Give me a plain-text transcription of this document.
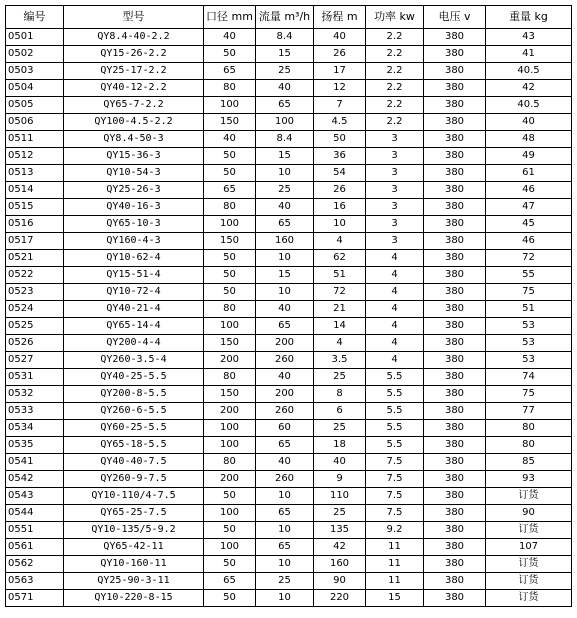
编号	型号	口径 mm	流量 m³/h	扬程 m	功率 kw	电压 v	重量 kg
0501	QY8.4-40-2.2	40	8.4	40	2.2	380	43
0502	QY15-26-2.2	50	15	26	2.2	380	41
0503	QY25-17-2.2	65	25	17	2.2	380	40.5
0504	QY40-12-2.2	80	40	12	2.2	380	42
0505	QY65-7-2.2	100	65	7	2.2	380	40.5
0506	QY100-4.5-2.2	150	100	4.5	2.2	380	40
0511	QY8.4-50-3	40	8.4	50	3	380	48
0512	QY15-36-3	50	15	36	3	380	49
0513	QY10-54-3	50	10	54	3	380	61
0514	QY25-26-3	65	25	26	3	380	46
0515	QY40-16-3	80	40	16	3	380	47
0516	QY65-10-3	100	65	10	3	380	45
0517	QY160-4-3	150	160	4	3	380	46
0521	QY10-62-4	50	10	62	4	380	72
0522	QY15-51-4	50	15	51	4	380	55
0523	QY10-72-4	50	10	72	4	380	75
0524	QY40-21-4	80	40	21	4	380	51
0525	QY65-14-4	100	65	14	4	380	53
0526	QY200-4-4	150	200	4	4	380	53
0527	QY260-3.5-4	200	260	3.5	4	380	53
0531	QY40-25-5.5	80	40	25	5.5	380	74
0532	QY200-8-5.5	150	200	8	5.5	380	75
0533	QY260-6-5.5	200	260	6	5.5	380	77
0534	QY60-25-5.5	100	60	25	5.5	380	80
0535	QY65-18-5.5	100	65	18	5.5	380	80
0541	QY40-40-7.5	80	40	40	7.5	380	85
0542	QY260-9-7.5	200	260	9	7.5	380	93
0543	QY10-110/4-7.5	50	10	110	7.5	380	订货
0544	QY65-25-7.5	100	65	25	7.5	380	90
0551	QY10-135/5-9.2	50	10	135	9.2	380	订货
0561	QY65-42-11	100	65	42	11	380	107
0562	QY10-160-11	50	10	160	11	380	订货
0563	QY25-90-3-11	65	25	90	11	380	订货
0571	QY10-220-8-15	50	10	220	15	380	订货
